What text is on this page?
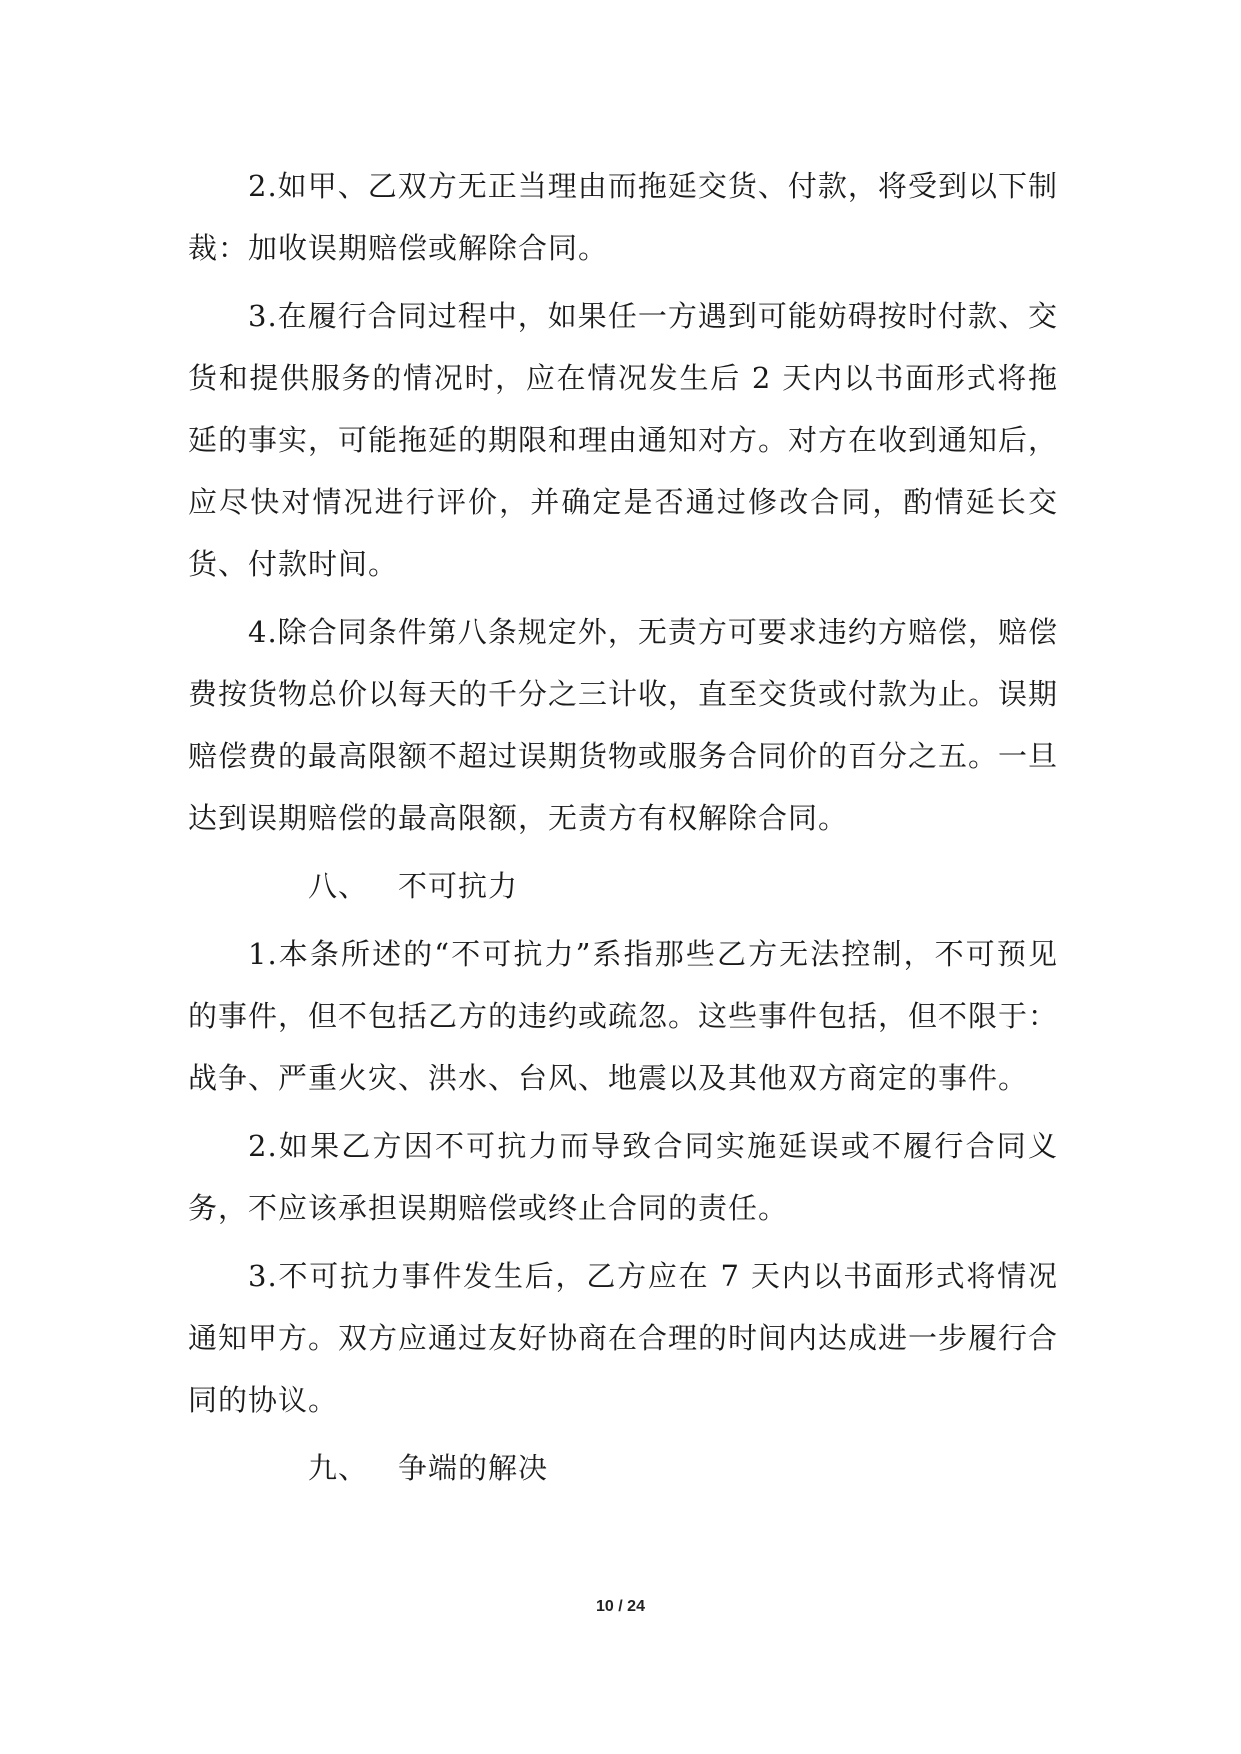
2.如甲、乙双方无正当理由而拖延交货、付款，将受到以下制裁：加收误期赔偿或解除合同。

3.在履行合同过程中，如果任一方遇到可能妨碍按时付款、交货和提供服务的情况时，应在情况发生后 2 天内以书面形式将拖延的事实，可能拖延的期限和理由通知对方。对方在收到通知后，应尽快对情况进行评价，并确定是否通过修改合同，酌情延长交货、付款时间。

4.除合同条件第八条规定外，无责方可要求违约方赔偿，赔偿费按货物总价以每天的千分之三计收，直至交货或付款为止。误期赔偿费的最高限额不超过误期货物或服务合同价的百分之五。一旦达到误期赔偿的最高限额，无责方有权解除合同。

八、 不可抗力

1.本条所述的“不可抗力”系指那些乙方无法控制，不可预见的事件，但不包括乙方的违约或疏忽。这些事件包括，但不限于：战争、严重火灾、洪水、台风、地震以及其他双方商定的事件。

2.如果乙方因不可抗力而导致合同实施延误或不履行合同义务，不应该承担误期赔偿或终止合同的责任。

3.不可抗力事件发生后，乙方应在 7 天内以书面形式将情况通知甲方。双方应通过友好协商在合理的时间内达成进一步履行合同的协议。

九、 争端的解决

10 / 24
